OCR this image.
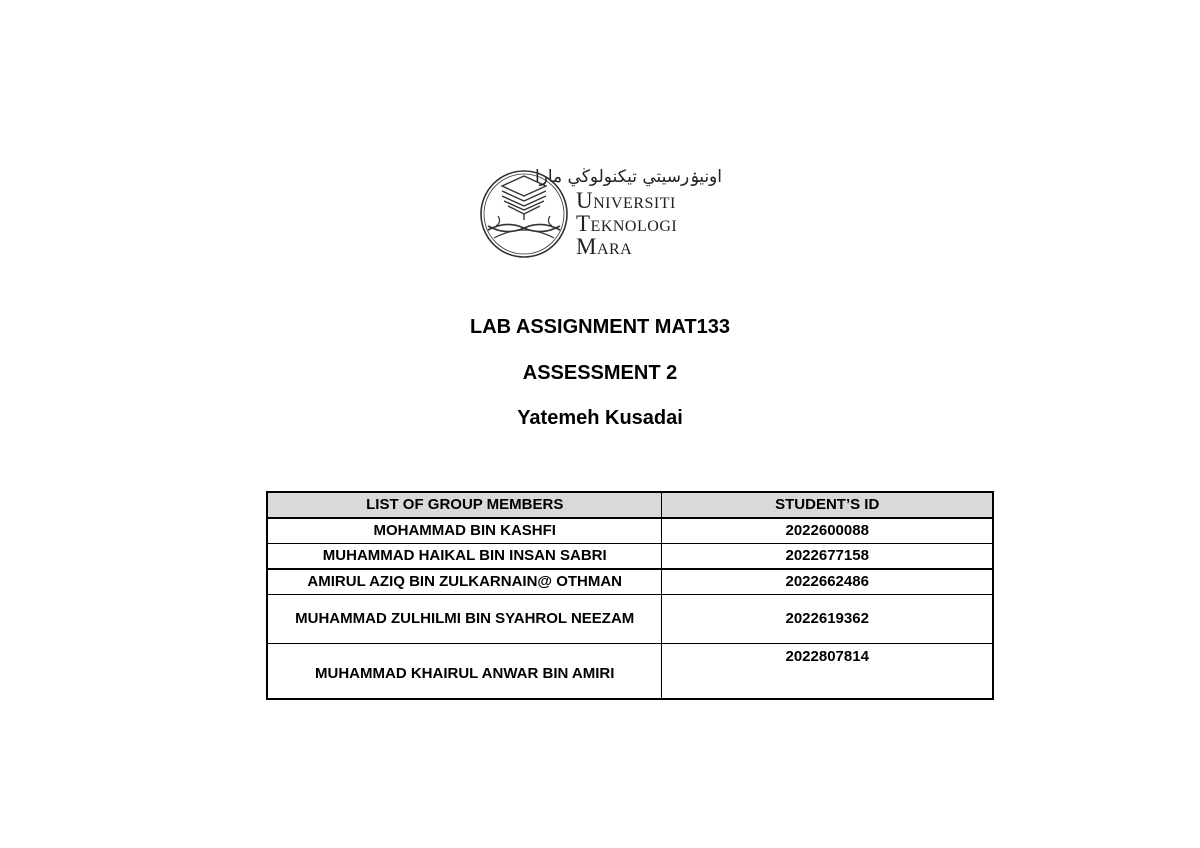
اونيۏرسيتي تيكنولوڬي مارا
Universiti
Teknologi
Mara
LAB ASSIGNMENT MAT133
ASSESSMENT 2
Yatemeh Kusadai
LIST OF GROUP MEMBERS	STUDENT’S ID
MOHAMMAD BIN KASHFI	2022600088
MUHAMMAD HAIKAL BIN INSAN SABRI	2022677158
AMIRUL AZIQ BIN ZULKARNAIN@ OTHMAN	2022662486
MUHAMMAD ZULHILMI BIN SYAHROL NEEZAM	2022619362
MUHAMMAD KHAIRUL ANWAR BIN AMIRI	2022807814
